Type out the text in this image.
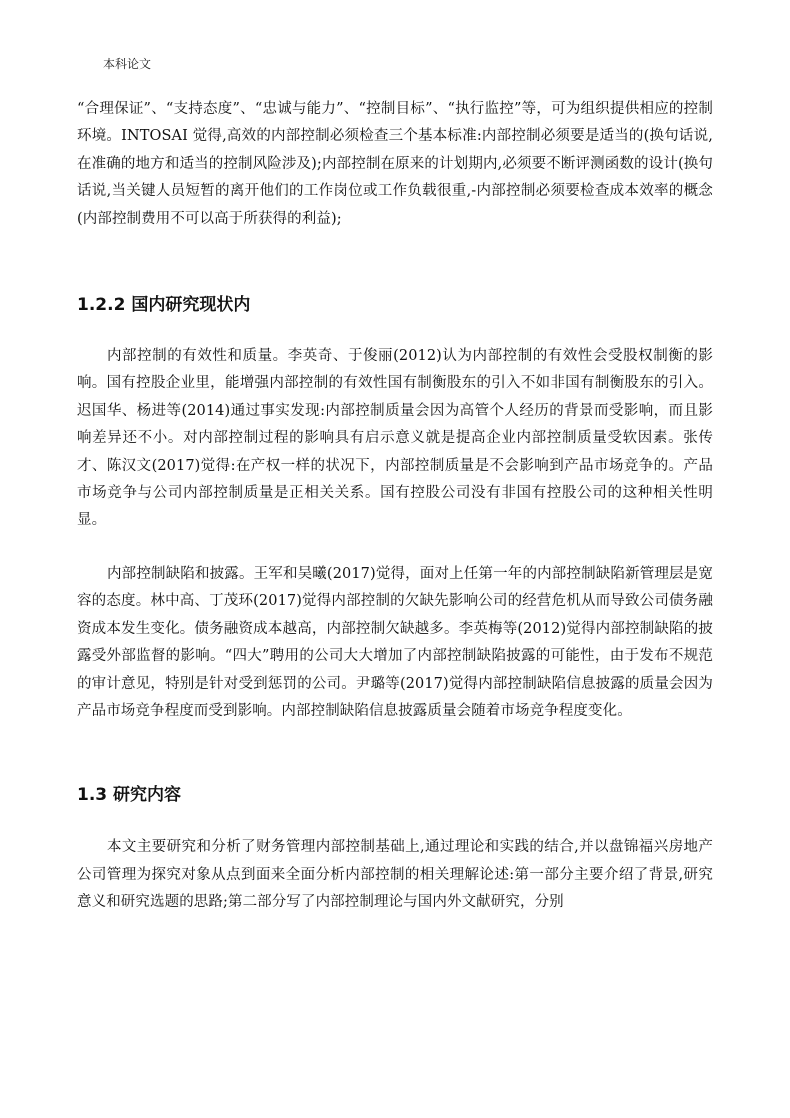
本科论文

“合理保证”、“支持态度”、“忠诚与能力”、“控制目标”、“执行监控”等，可为组织提供相应的控制环境。INTOSAI 觉得,高效的内部控制必须检查三个基本标准:内部控制必须要是适当的(换句话说,在准确的地方和适当的控制风险涉及);内部控制在原来的计划期内,必须要不断评测函数的设计(换句话说,当关键人员短暂的离开他们的工作岗位或工作负载很重,-内部控制必须要检查成本效率的概念(内部控制费用不可以高于所获得的利益);

1.2.2 国内研究现状内

内部控制的有效性和质量。李英奇、于俊丽(2012)认为内部控制的有效性会受股权制衡的影响。国有控股企业里，能增强内部控制的有效性国有制衡股东的引入不如非国有制衡股东的引入。迟国华、杨进等(2014)通过事实发现:内部控制质量会因为高管个人经历的背景而受影响，而且影响差异还不小。对内部控制过程的影响具有启示意义就是提高企业内部控制质量受软因素。张传才、陈汉文(2017)觉得:在产权一样的状况下，内部控制质量是不会影响到产品市场竞争的。产品市场竞争与公司内部控制质量是正相关关系。国有控股公司没有非国有控股公司的这种相关性明显。

内部控制缺陷和披露。王军和吴曦(2017)觉得，面对上任第一年的内部控制缺陷新管理层是宽容的态度。林中高、丁茂环(2017)觉得内部控制的欠缺先影响公司的经营危机从而导致公司债务融资成本发生变化。债务融资成本越高，内部控制欠缺越多。李英梅等(2012)觉得内部控制缺陷的披露受外部监督的影响。“四大”聘用的公司大大增加了内部控制缺陷披露的可能性，由于发布不规范的审计意见，特别是针对受到惩罚的公司。尹璐等(2017)觉得内部控制缺陷信息披露的质量会因为产品市场竞争程度而受到影响。内部控制缺陷信息披露质量会随着市场竞争程度变化。

1.3 研究内容

本文主要研究和分析了财务管理内部控制基础上,通过理论和实践的结合,并以盘锦福兴房地产公司管理为探究对象从点到面来全面分析内部控制的相关理解论述:第一部分主要介绍了背景,研究意义和研究选题的思路;第二部分写了内部控制理论与国内外文献研究，分别
